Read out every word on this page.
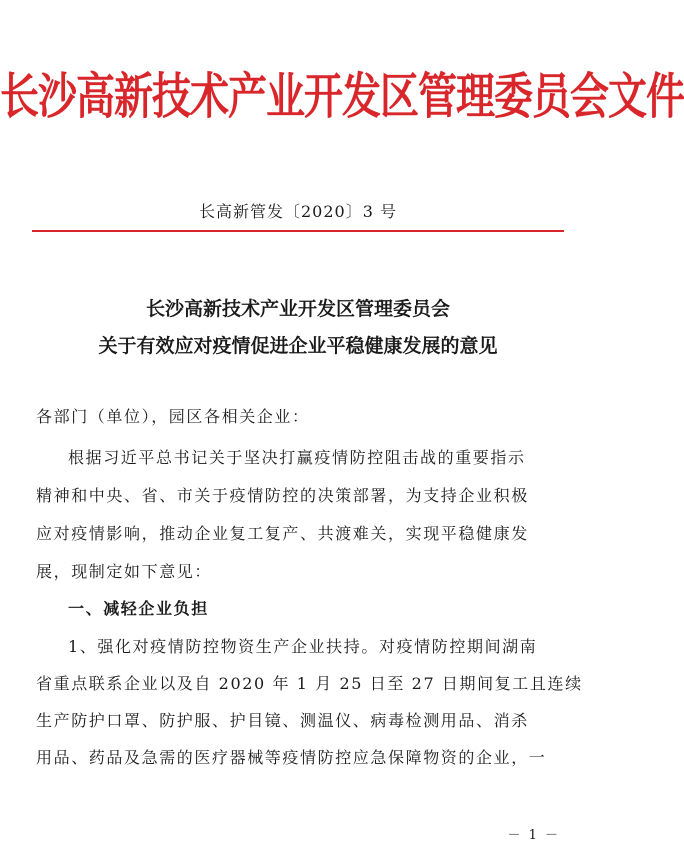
长沙高新技术产业开发区管理委员会文件
长高新管发〔2020〕3 号
长沙高新技术产业开发区管理委员会
关于有效应对疫情促进企业平稳健康发展的意见
各部门（单位），园区各相关企业：
根据习近平总书记关于坚决打赢疫情防控阻击战的重要指示
精神和中央、省、市关于疫情防控的决策部署，为支持企业积极
应对疫情影响，推动企业复工复产、共渡难关，实现平稳健康发
展，现制定如下意见：
一、减轻企业负担
1、强化对疫情防控物资生产企业扶持。对疫情防控期间湖南
省重点联系企业以及自 2020 年 1 月 25 日至 27 日期间复工且连续
生产防护口罩、防护服、护目镜、测温仪、病毒检测用品、消杀
用品、药品及急需的医疗器械等疫情防控应急保障物资的企业，一
－ 1 －
